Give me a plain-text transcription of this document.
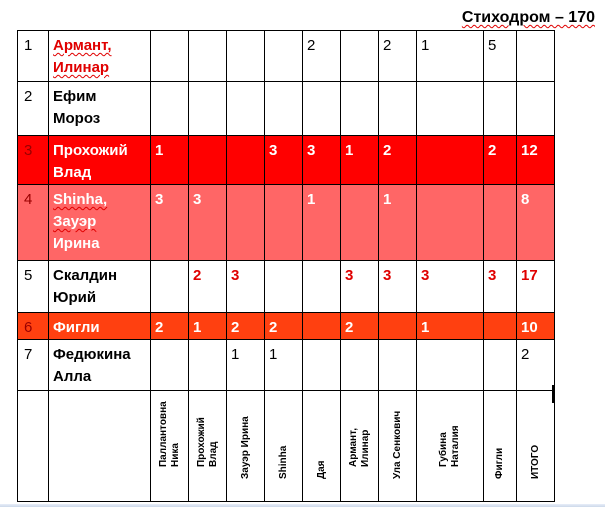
Стиходром – 170
1	Армант,
Илинар					2		2	1	5	
2	Ефим
Мороз										

3	Прохожий
Влад	1			3	3	1	2		2	12
4	Shinha,
Зауэр
Ирина	3	3			1		1			8
5	Скалдин
Юрий		2	3			3	3	3	3	17
6	Фигли	2	1	2	2		2		1		10
7	Федюкина
Алла			1	1						2

		Паллантовна Ника	Прохожий Влад	Зауэр Ирина	Shinha	Дая	Армант, Илинар	Ула Сенкович	Губина Наталия	Фигли	ИТОГО
